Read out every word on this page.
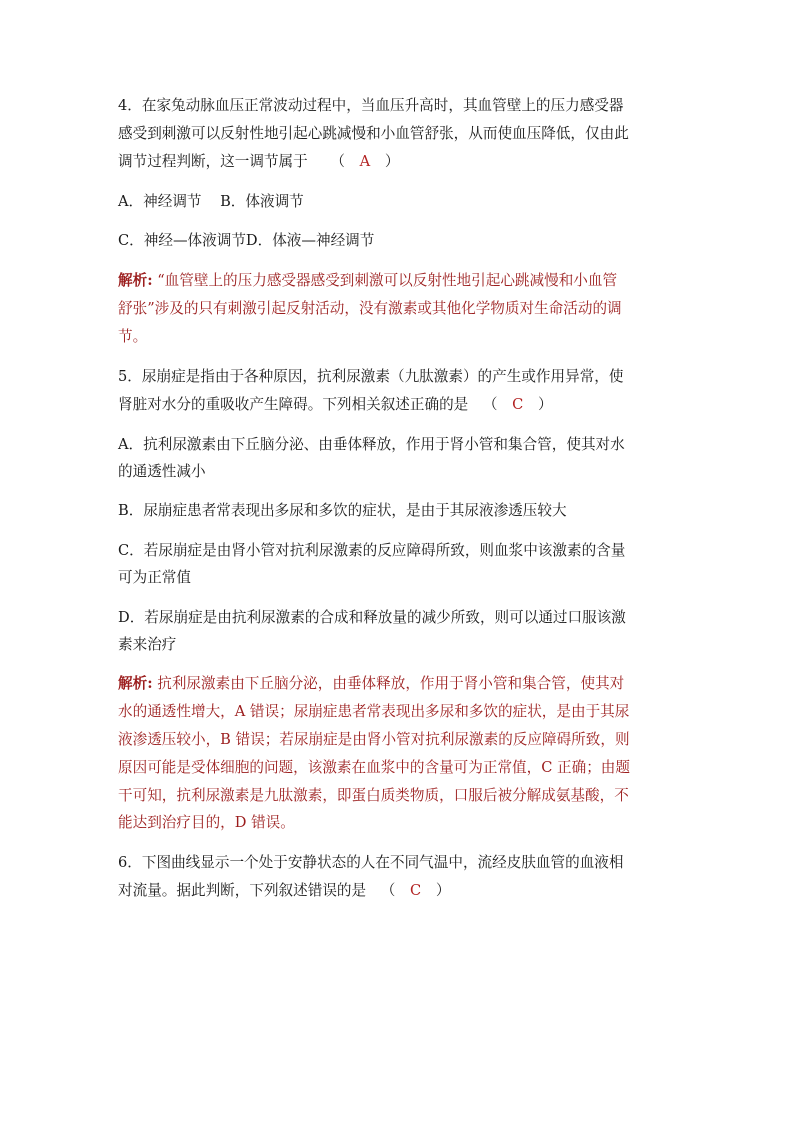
4．在家兔动脉血压正常波动过程中，当血压升高时，其血管壁上的压力感受器
感受到刺激可以反射性地引起心跳减慢和小血管舒张，从而使血压降低，仅由此
调节过程判断，这一调节属于 （ A ）
A．神经调节    B．体液调节
C．神经—体液调节D．体液—神经调节
解析: “血管壁上的压力感受器感受到刺激可以反射性地引起心跳减慢和小血管
舒张”涉及的只有刺激引起反射活动，没有激素或其他化学物质对生命活动的调
节。
5．尿崩症是指由于各种原因，抗利尿激素（九肽激素）的产生或作用异常，使
肾脏对水分的重吸收产生障碍。下列相关叙述正确的是 （ C ）
A．抗利尿激素由下丘脑分泌、由垂体释放，作用于肾小管和集合管，使其对水
的通透性减小
B．尿崩症患者常表现出多尿和多饮的症状，是由于其尿液渗透压较大
C．若尿崩症是由肾小管对抗利尿激素的反应障碍所致，则血浆中该激素的含量
可为正常值
D．若尿崩症是由抗利尿激素的合成和释放量的减少所致，则可以通过口服该激
素来治疗
解析: 抗利尿激素由下丘脑分泌，由垂体释放，作用于肾小管和集合管，使其对
水的通透性增大，A 错误；尿崩症患者常表现出多尿和多饮的症状，是由于其尿
液渗透压较小，B 错误；若尿崩症是由肾小管对抗利尿激素的反应障碍所致，则
原因可能是受体细胞的问题，该激素在血浆中的含量可为正常值，C 正确；由题
干可知，抗利尿激素是九肽激素，即蛋白质类物质，口服后被分解成氨基酸，不
能达到治疗目的，D 错误。
6．下图曲线显示一个处于安静状态的人在不同气温中，流经皮肤血管的血液相
对流量。据此判断，下列叙述错误的是 （ C ）
